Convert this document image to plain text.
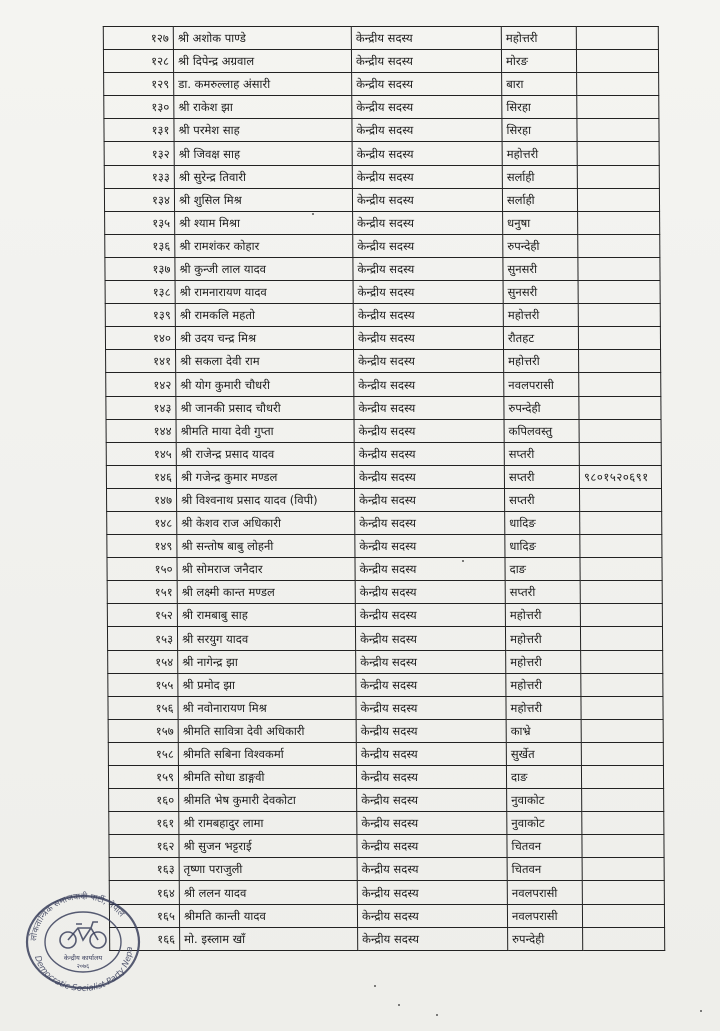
१२७	श्री अशोक पाण्डे	केन्द्रीय सदस्य	महोत्तरी	
१२८	श्री दिपेन्द्र अग्रवाल	केन्द्रीय सदस्य	मोरङ	
१२९	डा. कमरुल्लाह अंसारी	केन्द्रीय सदस्य	बारा	
१३०	श्री राकेश झा	केन्द्रीय सदस्य	सिरहा	
१३१	श्री परमेश साह	केन्द्रीय सदस्य	सिरहा	
१३२	श्री जिवक्ष साह	केन्द्रीय सदस्य	महोत्तरी	
१३३	श्री सुरेन्द्र तिवारी	केन्द्रीय सदस्य	सर्लाही	
१३४	श्री शुसिल मिश्र	केन्द्रीय सदस्य	सर्लाही	
१३५	श्री श्याम मिश्रा	केन्द्रीय सदस्य	धनुषा	
१३६	श्री रामशंकर कोहार	केन्द्रीय सदस्य	रुपन्देही	
१३७	श्री कुन्जी लाल यादव	केन्द्रीय सदस्य	सुनसरी	
१३८	श्री रामनारायण यादव	केन्द्रीय सदस्य	सुनसरी	
१३९	श्री रामकलि महतो	केन्द्रीय सदस्य	महोत्तरी	
१४०	श्री उदय चन्द्र मिश्र	केन्द्रीय सदस्य	रौतहट	
१४१	श्री सकला देवी राम	केन्द्रीय सदस्य	महोत्तरी	
१४२	श्री योग कुमारी चौधरी	केन्द्रीय सदस्य	नवलपरासी	
१४३	श्री जानकी प्रसाद चौधरी	केन्द्रीय सदस्य	रुपन्देही	
१४४	श्रीमति माया देवी गुप्ता	केन्द्रीय सदस्य	कपिलवस्तु	
१४५	श्री राजेन्द्र प्रसाद यादव	केन्द्रीय सदस्य	सप्तरी	
१४६	श्री गजेन्द्र कुमार मण्डल	केन्द्रीय सदस्य	सप्तरी	९८०१५२०६९१
१४७	श्री विश्वनाथ प्रसाद यादव (विपी)	केन्द्रीय सदस्य	सप्तरी	
१४८	श्री केशव राज अधिकारी	केन्द्रीय सदस्य	धादिङ	
१४९	श्री सन्तोष बाबु लोहनी	केन्द्रीय सदस्य	धादिङ	
१५०	श्री सोमराज जनैदार	केन्द्रीय सदस्य	दाङ	
१५१	श्री लक्ष्मी कान्त मण्डल	केन्द्रीय सदस्य	सप्तरी	
१५२	श्री रामबाबु साह	केन्द्रीय सदस्य	महोत्तरी	
१५३	श्री सरयुग यादव	केन्द्रीय सदस्य	महोत्तरी	
१५४	श्री नागेन्द्र झा	केन्द्रीय सदस्य	महोत्तरी	
१५५	श्री प्रमोद झा	केन्द्रीय सदस्य	महोत्तरी	
१५६	श्री नवोनारायण मिश्र	केन्द्रीय सदस्य	महोत्तरी	
१५७	श्रीमति सावित्रा देवी अधिकारी	केन्द्रीय सदस्य	काभ्रे	
१५८	श्रीमति सबिना विश्वकर्मा	केन्द्रीय सदस्य	सुर्खेत	
१५९	श्रीमति सोधा डाङ्गवी	केन्द्रीय सदस्य	दाङ	
१६०	श्रीमति भेष कुमारी देवकोटा	केन्द्रीय सदस्य	नुवाकोट	
१६१	श्री रामबहादुर लामा	केन्द्रीय सदस्य	नुवाकोट	
१६२	श्री सुजन भट्टराई	केन्द्रीय सदस्य	चितवन	
१६३	तृष्णा पराजुली	केन्द्रीय सदस्य	चितवन	
१६४	श्री ललन यादव	केन्द्रीय सदस्य	नवलपरासी	
१६५	श्रीमति कान्ती यादव	केन्द्रीय सदस्य	नवलपरासी	
१६६	मो. इस्लाम खाँ	केन्द्रीय सदस्य	रुपन्देही	
लोकतान्त्रिक समाजवादी पार्टी, नेपाल
Democratic Socialist Party Nepa
केन्द्रीय कार्यालय
२०७६
